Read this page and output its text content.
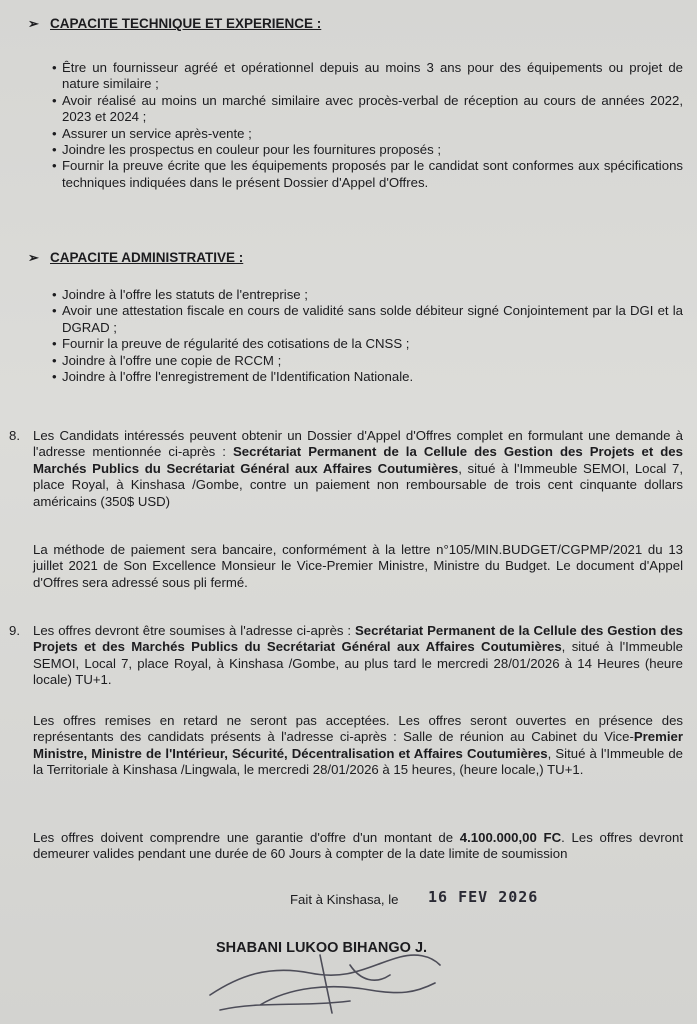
➢ CAPACITE TECHNIQUE ET EXPERIENCE :
• Être un fournisseur agréé et opérationnel depuis au moins 3 ans pour des équipements ou projet de nature similaire ;
• Avoir réalisé au moins un marché similaire avec procès-verbal de réception au cours de années 2022, 2023 et 2024 ;
• Assurer un service après-vente ;
• Joindre les prospectus en couleur pour les fournitures proposés ;
• Fournir la preuve écrite que les équipements proposés par le candidat sont conformes aux spécifications techniques indiquées dans le présent Dossier d'Appel d'Offres.
➢ CAPACITE ADMINISTRATIVE :
• Joindre à l'offre les statuts de l'entreprise ;
• Avoir une attestation fiscale en cours de validité sans solde débiteur signé Conjointement par la DGI et la DGRAD ;
• Fournir la preuve de régularité des cotisations de la CNSS ;
• Joindre à l'offre une copie de RCCM ;
• Joindre à l'offre l'enregistrement de l'Identification Nationale.
8. Les Candidats intéressés peuvent obtenir un Dossier d'Appel d'Offres complet en formulant une demande à l'adresse mentionnée ci-après : Secrétariat Permanent de la Cellule des Gestion des Projets et des Marchés Publics du Secrétariat Général aux Affaires Coutumières, situé à l'Immeuble SEMOI, Local 7, place Royal, à Kinshasa /Gombe, contre un paiement non remboursable de trois cent cinquante dollars américains (350$ USD)

La méthode de paiement sera bancaire, conformément à la lettre n°105/MIN.BUDGET/CGPMP/2021 du 13 juillet 2021 de Son Excellence Monsieur le Vice-Premier Ministre, Ministre du Budget. Le document d'Appel d'Offres sera adressé sous pli fermé.

9. Les offres devront être soumises à l'adresse ci-après : Secrétariat Permanent de la Cellule des Gestion des Projets et des Marchés Publics du Secrétariat Général aux Affaires Coutumières, situé à l'Immeuble SEMOI, Local 7, place Royal, à Kinshasa /Gombe, au plus tard le mercredi 28/01/2026 à 14 Heures (heure locale) TU+1.

Les offres remises en retard ne seront pas acceptées. Les offres seront ouvertes en présence des représentants des candidats présents à l'adresse ci-après : Salle de réunion au Cabinet du Vice-Premier Ministre, Ministre de l'Intérieur, Sécurité, Décentralisation et Affaires Coutumières, Situé à l'Immeuble de la Territoriale à Kinshasa /Lingwala, le mercredi 28/01/2026 à 15 heures, (heure locale,) TU+1.

Les offres doivent comprendre une garantie d'offre d'un montant de 4.100.000,00 FC. Les offres devront demeurer valides pendant une durée de 60 Jours à compter de la date limite de soumission

Fait à Kinshasa, le 16 FEV 2026
SHABANI LUKOO BIHANGO J.
